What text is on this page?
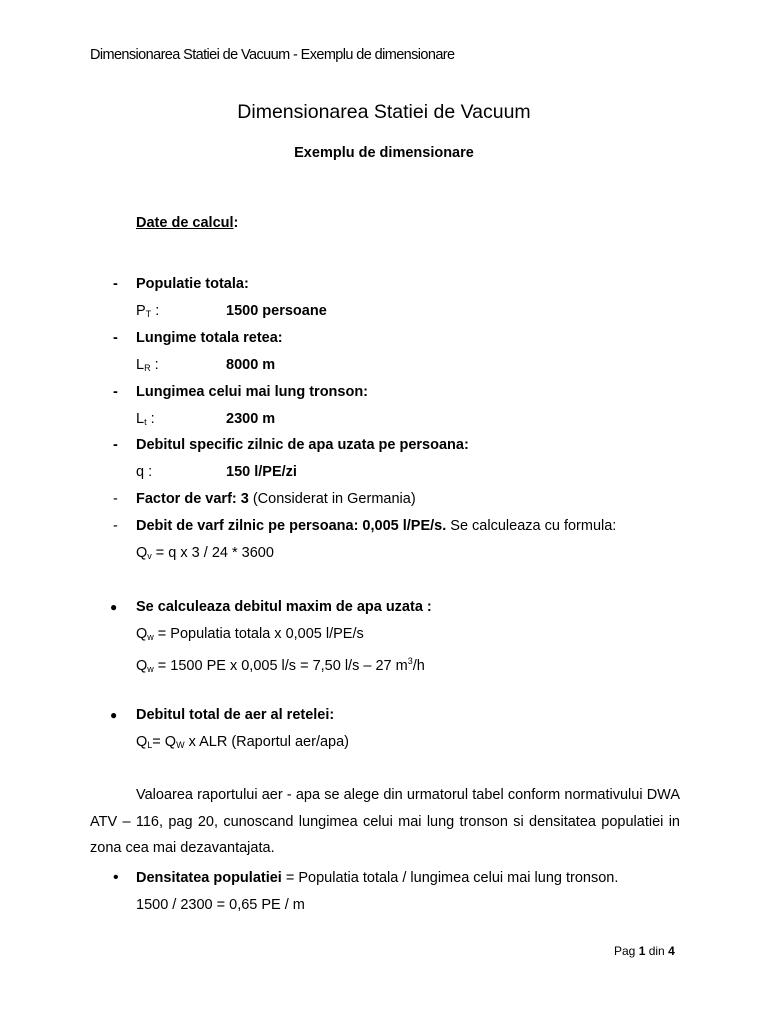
Dimensionarea Statiei de Vacuum - Exemplu de dimensionare
Dimensionarea Statiei de Vacuum
Exemplu de dimensionare
Date de calcul:
- Populatie totala:
$P_T$ :	1500 persoane
- Lungime totala retea:
$L_R$ :	8000 m
- Lungimea celui mai lung tronson:
$L_t$ :	2300 m
- Debitul specific zilnic de apa uzata pe persoana:
q :	150 l/PE/zi
- Factor de varf: 3 (Considerat in Germania)
- Debit de varf zilnic pe persoana: 0,005 l/PE/s. Se calculeaza cu formula:
$Q_v = q$ x 3 / 24 * 3600
● Se calculeaza debitul maxim de apa uzata :
$Q_w$ = Populatia totala x 0,005 l/PE/s
$Q_w = 1500$ PE x 0,005 l/s = 7,50 l/s – 27 $m^3/h$
● Debitul total de aer al retelei:
$Q_L= Q_W$ x ALR (Raportul aer/apa)
Valoarea raportului aer - apa se alege din urmatorul tabel conform normativului DWA ATV – 116, pag 20, cunoscand lungimea celui mai lung tronson si densitatea populatiei in zona cea mai dezavantajata.
• Densitatea populatiei = Populatia totala / lungimea celui mai lung tronson.
1500 / 2300 = 0,65 PE / m
Pag 1 din 4
